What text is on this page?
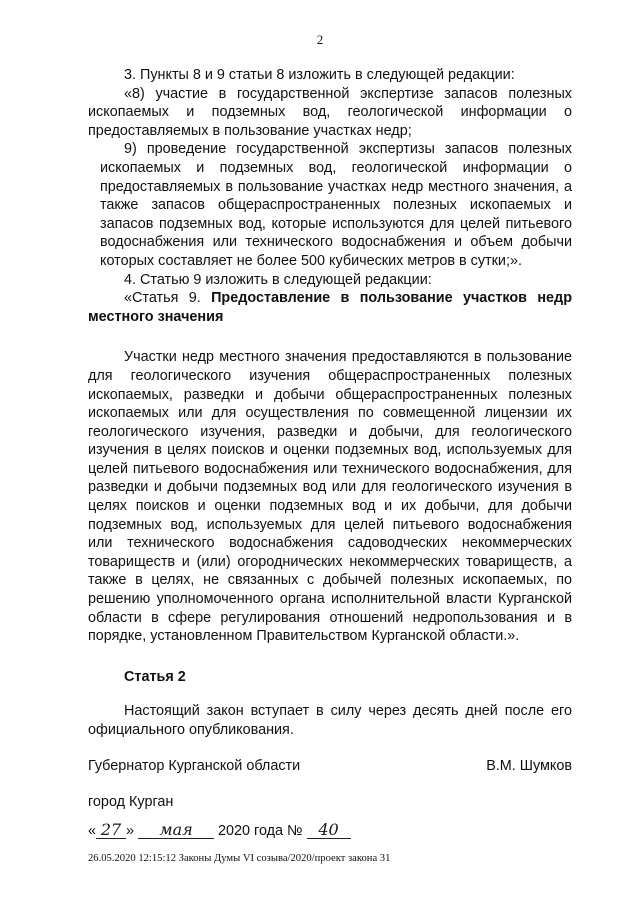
2

3. Пункты 8 и 9 статьи 8 изложить в следующей редакции:

«8) участие в государственной экспертизе запасов полезных ископаемых и подземных вод, геологической информации о предоставляемых в пользование участках недр;

9) проведение государственной экспертизы запасов полезных ископаемых и подземных вод, геологической информации о предоставляемых в пользование участках недр местного значения, а также запасов общераспространенных полезных ископаемых и запасов подземных вод, которые используются для целей питьевого водоснабжения или технического водоснабжения и объем добычи которых составляет не более 500 кубических метров в сутки;».

4. Статью 9 изложить в следующей редакции:

«Статья 9. Предоставление в пользование участков недр местного значения

Участки недр местного значения предоставляются в пользование для геологического изучения общераспространенных полезных ископаемых, разведки и добычи общераспространенных полезных ископаемых или для осуществления по совмещенной лицензии их геологического изучения, разведки и добычи, для геологического изучения в целях поисков и оценки подземных вод, используемых для целей питьевого водоснабжения или технического водоснабжения, для разведки и добычи подземных вод или для геологического изучения в целях поисков и оценки подземных вод и их добычи, для добычи подземных вод, используемых для целей питьевого водоснабжения или технического водоснабжения садоводческих некоммерческих товариществ и (или) огороднических некоммерческих товариществ, а также в целях, не связанных с добычей полезных ископаемых, по решению уполномоченного органа исполнительной власти Курганской области в сфере регулирования отношений недропользования и в порядке, установленном Правительством Курганской области.».

Статья 2

Настоящий закон вступает в силу через десять дней после его официального опубликования.

Губернатор Курганской области	В.М. Шумков
город Курган
« 27 » мая 2020 года № 40
26.05.2020 12:15:12 Законы Думы VI созыва/2020/проект закона 31
